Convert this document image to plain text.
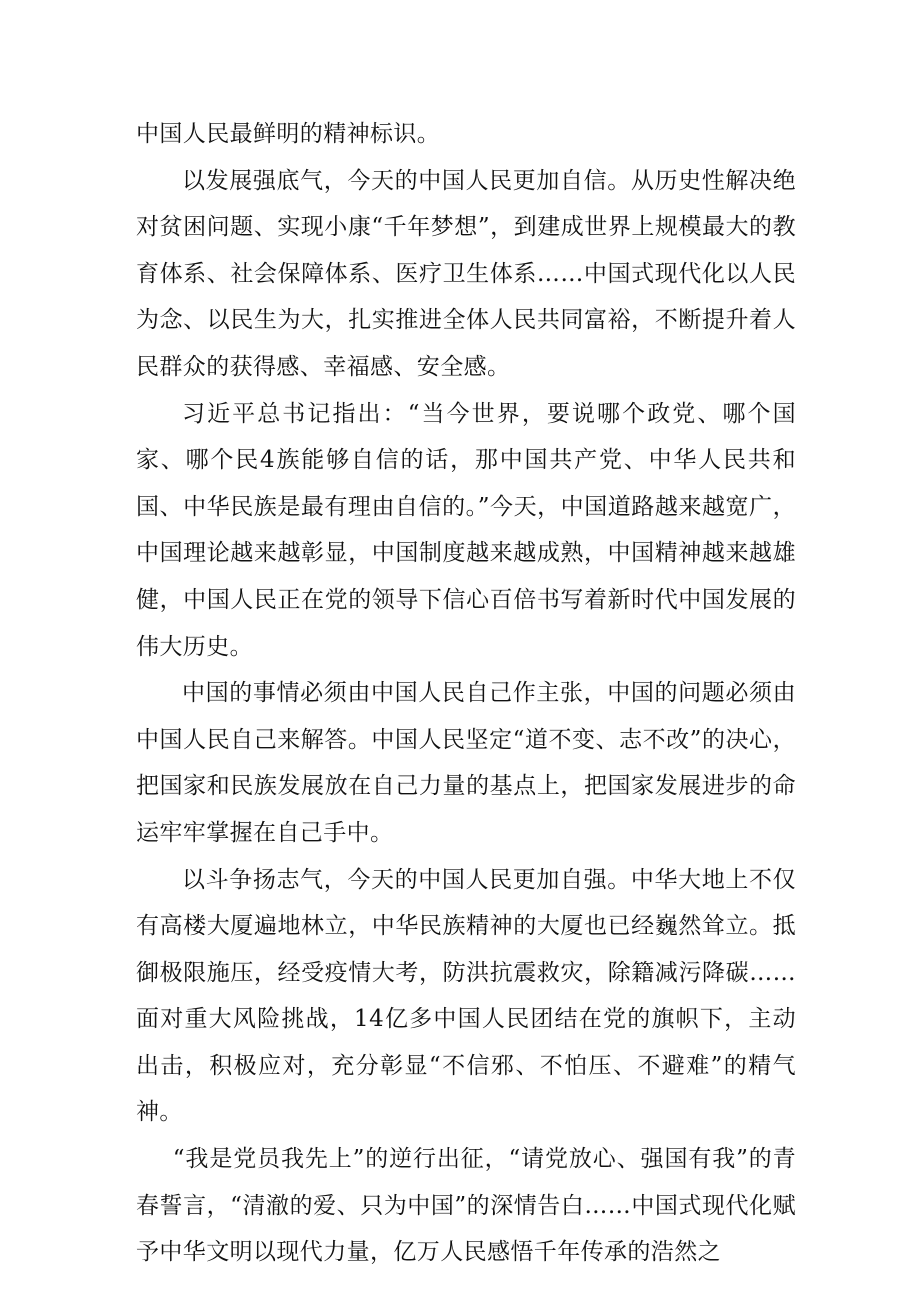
中国人民最鲜明的精神标识。

以发展强底气，今天的中国人民更加自信。从历史性解决绝对贫困问题、实现小康“千年梦想”，到建成世界上规模最大的教育体系、社会保障体系、医疗卫生体系……中国式现代化以人民为念、以民生为大，扎实推进全体人民共同富裕，不断提升着人民群众的获得感、幸福感、安全感。

习近平总书记指出：“当今世界，要说哪个政党、哪个国家、哪个民4族能够自信的话，那中国共产党、中华人民共和国、中华民族是最有理由自信的。”今天，中国道路越来越宽广，中国理论越来越彰显，中国制度越来越成熟，中国精神越来越雄健，中国人民正在党的领导下信心百倍书写着新时代中国发展的伟大历史。

中国的事情必须由中国人民自己作主张，中国的问题必须由中国人民自己来解答。中国人民坚定“道不变、志不改”的决心，把国家和民族发展放在自己力量的基点上，把国家发展进步的命运牢牢掌握在自己手中。

以斗争扬志气，今天的中国人民更加自强。中华大地上不仅有高楼大厦遍地林立，中华民族精神的大厦也已经巍然耸立。抵御极限施压，经受疫情大考，防洪抗震救灾，除籍减污降碳……面对重大风险挑战，14亿多中国人民团结在党的旗帜下，主动出击，积极应对，充分彰显“不信邪、不怕压、不避难”的精气神。

“我是党员我先上”的逆行出征，“请党放心、强国有我”的青春誓言，“清澈的爱、只为中国”的深情告白……中国式现代化赋予中华文明以现代力量，亿万人民感悟千年传承的浩然之
